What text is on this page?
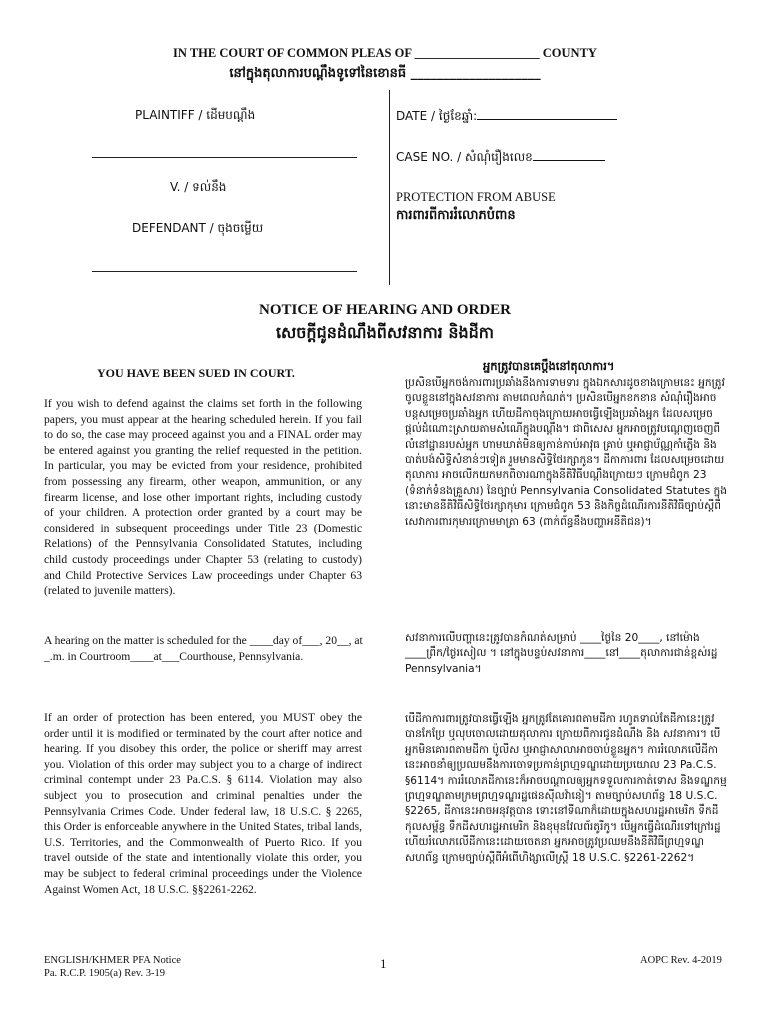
IN THE COURT OF COMMON PLEAS OF ____________________ COUNTY
នៅក្នុងតុលាការបណ្ដឹងទូទៅនៃខោនធី ____________________
PLAINTIFF / ដើមបណ្ដឹង
V. / ទល់នឹង
DEFENDANT / ចុងចម្លើយ
DATE / ថ្ងៃខែឆ្នាំ:
CASE NO. / សំណុំរឿងលេខ
PROTECTION FROM ABUSE
ការពារពីការរំលោភបំពាន
NOTICE OF HEARING AND ORDER
សេចក្ដីជូនដំណឹងពីសវនាការ និងដីកា
YOU HAVE BEEN SUED IN COURT.	អ្នកត្រូវបានគេប្ដឹងនៅតុលាការ។

If you wish to defend against the claims set forth in the following papers, you must appear at the hearing scheduled herein. If you fail to do so, the case may proceed against you and a FINAL order may be entered against you granting the relief requested in the petition. In particular, you may be evicted from your residence, prohibited from possessing any firearm, other weapon, ammunition, or any firearm license, and lose other important rights, including custody of your children. A protection order granted by a court may be considered in subsequent proceedings under Title 23 (Domestic Relations) of the Pennsylvania Consolidated Statutes, including child custody proceedings under Chapter 53 (relating to custody) and Child Protective Services Law proceedings under Chapter 63 (related to juvenile matters).

ប្រសិនបើអ្នកចង់ការពារប្រឆាំងនឹងការទាមទារ ក្នុងឯកសារដូចខាងក្រោមនេះ អ្នកត្រូវចូលខ្លួននៅក្នុងសវនាការ តាមពេលកំណត់។ ប្រសិនបើអ្នកខកខាន សំណុំរឿងអាចបន្តសម្រេចប្រឆាំងអ្នក ហើយដីកាចុងក្រោយអាចធ្វើឡើងប្រឆាំងអ្នក ដែលសម្រេចផ្ដល់ដំណោះស្រាយតាមសំណើក្នុងបណ្ដឹង។ ជាពិសេស អ្នកអាចត្រូវបណ្ដេញចេញពីលំនៅដ្ឋានរបស់អ្នក ហាមឃាត់មិនឲ្យកាន់កាប់អាវុធ គ្រាប់ ឬអាជ្ញាប័ណ្ណកាំភ្លើង និងបាត់បង់សិទ្ធិសំខាន់ៗទៀត រួមមានសិទ្ធិថែរក្សាកូន។ ដីកាការពារ ដែលសម្រេចដោយតុលាការ អាចលើកយកមកពិចារណាក្នុងនីតិវិធីបណ្ដឹងក្រោយៗ ក្រោមជំពូក 23 (ទំនាក់ទំនងគ្រួសារ) នៃច្បាប់ Pennsylvania Consolidated Statutes ក្នុងនោះមាននីតិវិធីសិទ្ធិថែរក្សាកុមារ ក្រោមជំពូក 53 និងកិច្ចដំណើរការនីតិវិធីច្បាប់ស្ដីពីសេវាការពារកុមារក្រោមមាត្រា 63 (ពាក់ព័ន្ធនឹងបញ្ហាអនីតិជន)។

A hearing on the matter is scheduled for the ____day of___, 20__, at _.m. in Courtroom____at___Courthouse, Pennsylvania.

សវនាការលើបញ្ហានេះត្រូវបានកំណត់សម្រាប់ ____ថ្ងៃនៃ 20____, នៅម៉ោង ____ព្រឹក/ថ្ងៃរសៀល ។ នៅក្នុងបន្ទប់សវនាការ____នៅ____តុលាការជាន់ខ្ពស់រដ្ឋ Pennsylvania។

If an order of protection has been entered, you MUST obey the order until it is modified or terminated by the court after notice and hearing. If you disobey this order, the police or sheriff may arrest you. Violation of this order may subject you to a charge of indirect criminal contempt under 23 Pa.C.S. § 6114. Violation may also subject you to prosecution and criminal penalties under the Pennsylvania Crimes Code. Under federal law, 18 U.S.C. § 2265, this Order is enforceable anywhere in the United States, tribal lands, U.S. Territories, and the Commonwealth of Puerto Rico. If you travel outside of the state and intentionally violate this order, you may be subject to federal criminal proceedings under the Violence Against Women Act, 18 U.S.C. §§2261-2262.

បើដីកាការពារត្រូវបានធ្វើឡើង អ្នកត្រូវតែគោរពតាមដីកា រហូតទាល់តែដីកានេះត្រូវបានកែប្រែ ឬលុបចោលដោយតុលាការ ក្រោយពីការជូនដំណឹង និង សវនាការ។ បើអ្នកមិនគោរពតាមដីកា ប៉ូលីស ឬអាជ្ញាសាលាអាចចាប់ខ្លួនអ្នក។ ការរំលោភលើដីកានេះអាចនាំឲ្យប្រឈមនឹងការចោទប្រកាន់ព្រហ្មទណ្ឌដោយប្រយោល 23 Pa.C.S. §6114។ ការរំលោភដីកានេះក៏អាចបណ្ដាលឲ្យអ្នកទទួលការកាត់ទោស និងទណ្ឌកម្មព្រហ្មទណ្ឌតាមក្រមព្រហ្មទណ្ឌរដ្ឋផេនស៊ីលវ៉ានៀ។ តាមច្បាប់សហព័ន្ធ 18 U.S.C. §2265, ដីកានេះអាចអនុវត្តបាន ទោះនៅទីណាក៏ដោយក្នុងសហរដ្ឋអាមេរិក ទឹកដីកុលសម្ព័ន្ធ ទឹកដីសហរដ្ឋអាមេរិក និងខុមុនវែលព័រតូរីកូ។ បើអ្នកធ្វើដំណើរទៅក្រៅរដ្ឋ ហើយរំលោភលើដីកានេះដោយចេតនា អ្នកអាចត្រូវប្រឈមនឹងនីតិវិធីព្រហ្មទណ្ឌសហព័ន្ធ ក្រោមច្បាប់ស្ដីពីអំពើហិង្សាលើស្ត្រី 18 U.S.C. §2261-2262។

ENGLISH/KHMER PFA Notice
Pa. R.C.P. 1905(a) Rev. 3-19
1	AOPC Rev. 4-2019
